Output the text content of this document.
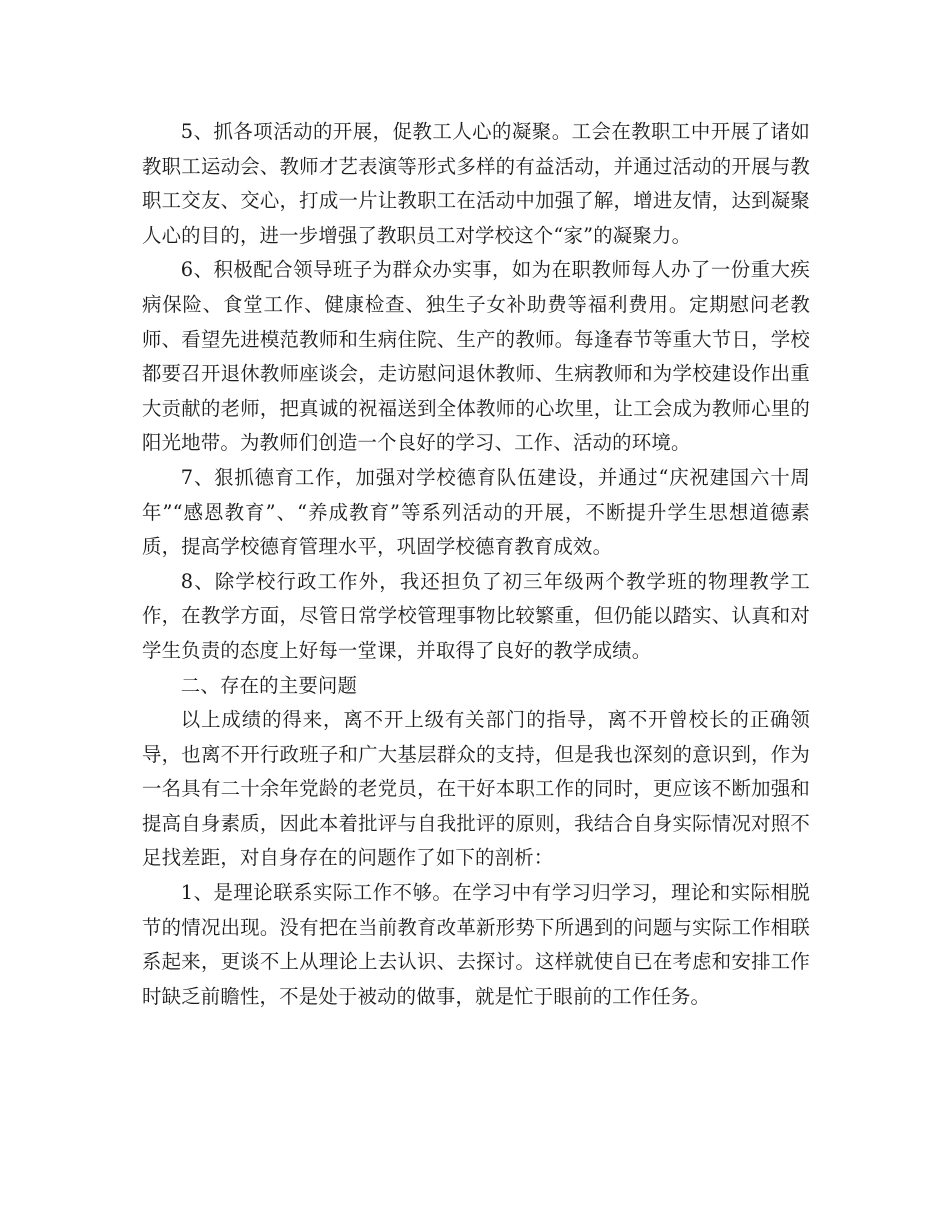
5、抓各项活动的开展，促教工人心的凝聚。工会在教职工中开展了诸如教职工运动会、教师才艺表演等形式多样的有益活动，并通过活动的开展与教职工交友、交心，打成一片让教职工在活动中加强了解，增进友情，达到凝聚人心的目的，进一步增强了教职员工对学校这个“家”的凝聚力。

6、积极配合领导班子为群众办实事，如为在职教师每人办了一份重大疾病保险、食堂工作、健康检查、独生子女补助费等福利费用。定期慰问老教师、看望先进模范教师和生病住院、生产的教师。每逢春节等重大节日，学校都要召开退休教师座谈会，走访慰问退休教师、生病教师和为学校建设作出重大贡献的老师，把真诚的祝福送到全体教师的心坎里，让工会成为教师心里的阳光地带。为教师们创造一个良好的学习、工作、活动的环境。

7、狠抓德育工作，加强对学校德育队伍建设，并通过“庆祝建国六十周年”“感恩教育”、“养成教育”等系列活动的开展，不断提升学生思想道德素质，提高学校德育管理水平，巩固学校德育教育成效。

8、除学校行政工作外，我还担负了初三年级两个教学班的物理教学工作，在教学方面，尽管日常学校管理事物比较繁重，但仍能以踏实、认真和对学生负责的态度上好每一堂课，并取得了良好的教学成绩。

二、存在的主要问题

以上成绩的得来，离不开上级有关部门的指导，离不开曾校长的正确领导，也离不开行政班子和广大基层群众的支持，但是我也深刻的意识到，作为一名具有二十余年党龄的老党员，在干好本职工作的同时，更应该不断加强和提高自身素质，因此本着批评与自我批评的原则，我结合自身实际情况对照不足找差距，对自身存在的问题作了如下的剖析：

1、是理论联系实际工作不够。在学习中有学习归学习，理论和实际相脱节的情况出现。没有把在当前教育改革新形势下所遇到的问题与实际工作相联系起来，更谈不上从理论上去认识、去探讨。这样就使自已在考虑和安排工作时缺乏前瞻性，不是处于被动的做事，就是忙于眼前的工作任务。
